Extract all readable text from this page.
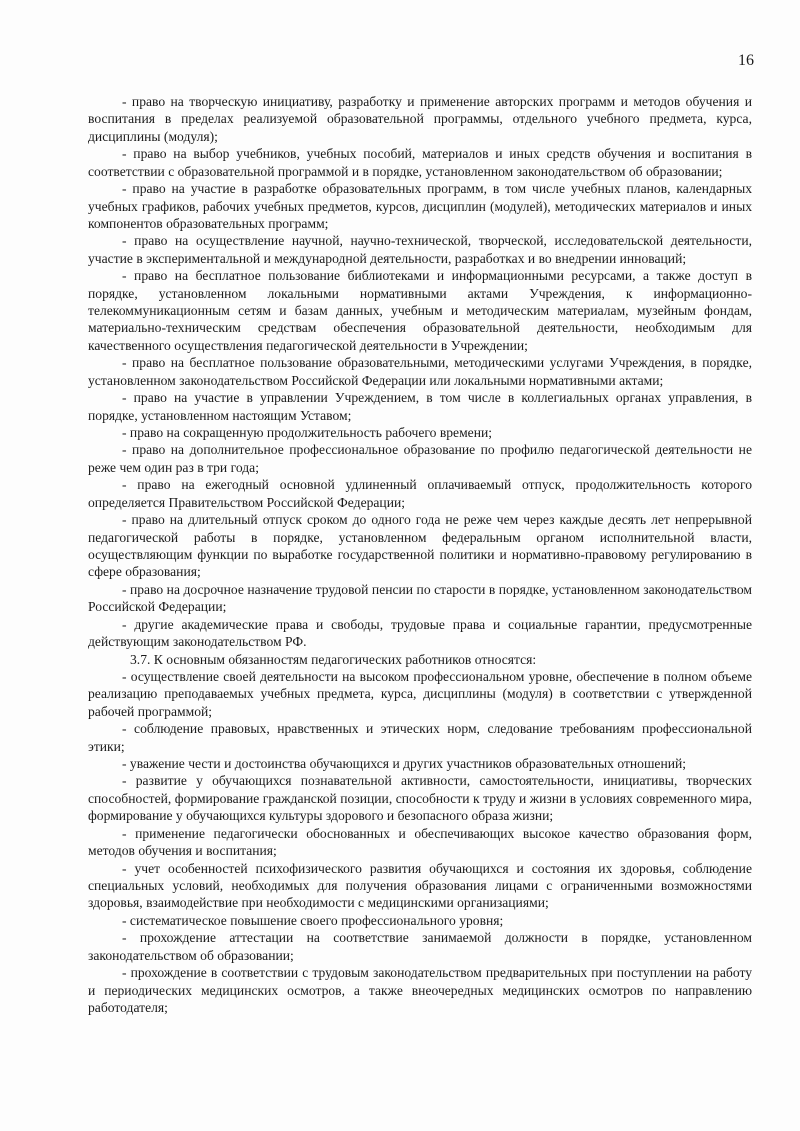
16

- право на творческую инициативу, разработку и применение авторских программ и методов обучения и воспитания в пределах реализуемой образовательной программы, отдельного учебного предмета, курса, дисциплины (модуля);

- право на выбор учебников, учебных пособий, материалов и иных средств обучения и воспитания в соответствии с образовательной программой и в порядке, установленном законодательством об образовании;

- право на участие в разработке образовательных программ, в том числе учебных планов, календарных учебных графиков, рабочих учебных предметов, курсов, дисциплин (модулей), методических материалов и иных компонентов образовательных программ;

- право на осуществление научной, научно-технической, творческой, исследовательской деятельности, участие в экспериментальной и международной деятельности, разработках и во внедрении инноваций;

- право на бесплатное пользование библиотеками и информационными ресурсами, а также доступ в порядке, установленном локальными нормативными актами Учреждения, к информационно-телекоммуникационным сетям и базам данных, учебным и методическим материалам, музейным фондам, материально-техническим средствам обеспечения образовательной деятельности, необходимым для качественного осуществления педагогической деятельности в Учреждении;

- право на бесплатное пользование образовательными, методическими услугами Учреждения, в порядке, установленном законодательством Российской Федерации или локальными нормативными актами;

- право на участие в управлении Учреждением, в том числе в коллегиальных органах управления, в порядке, установленном настоящим Уставом;

- право на сокращенную продолжительность рабочего времени;

- право на дополнительное профессиональное образование по профилю педагогической деятельности не реже чем один раз в три года;

- право на ежегодный основной удлиненный оплачиваемый отпуск, продолжительность которого определяется Правительством Российской Федерации;

- право на длительный отпуск сроком до одного года не реже чем через каждые десять лет непрерывной педагогической работы в порядке, установленном федеральным органом исполнительной власти, осуществляющим функции по выработке государственной политики и нормативно-правовому регулированию в сфере образования;

- право на досрочное назначение трудовой пенсии по старости в порядке, установленном законодательством Российской Федерации;

- другие академические права и свободы, трудовые права и социальные гарантии, предусмотренные действующим законодательством РФ.

3.7. К основным обязанностям педагогических работников относятся:

- осуществление своей деятельности на высоком профессиональном уровне, обеспечение в полном объеме реализацию преподаваемых учебных предмета, курса, дисциплины (модуля) в соответствии с утвержденной рабочей программой;

- соблюдение правовых, нравственных и этических норм, следование требованиям профессиональной этики;

- уважение чести и достоинства обучающихся и других участников образовательных отношений;

- развитие у обучающихся познавательной активности, самостоятельности, инициативы, творческих способностей, формирование гражданской позиции, способности к труду и жизни в условиях современного мира, формирование у обучающихся культуры здорового и безопасного образа жизни;

- применение педагогически обоснованных и обеспечивающих высокое качество образования форм, методов обучения и воспитания;

- учет особенностей психофизического развития обучающихся и состояния их здоровья, соблюдение специальных условий, необходимых для получения образования лицами с ограниченными возможностями здоровья, взаимодействие при необходимости с медицинскими организациями;

- систематическое повышение своего профессионального уровня;

- прохождение аттестации на соответствие занимаемой должности в порядке, установленном законодательством об образовании;

- прохождение в соответствии с трудовым законодательством предварительных при поступлении на работу и периодических медицинских осмотров, а также внеочередных медицинских осмотров по направлению работодателя;
